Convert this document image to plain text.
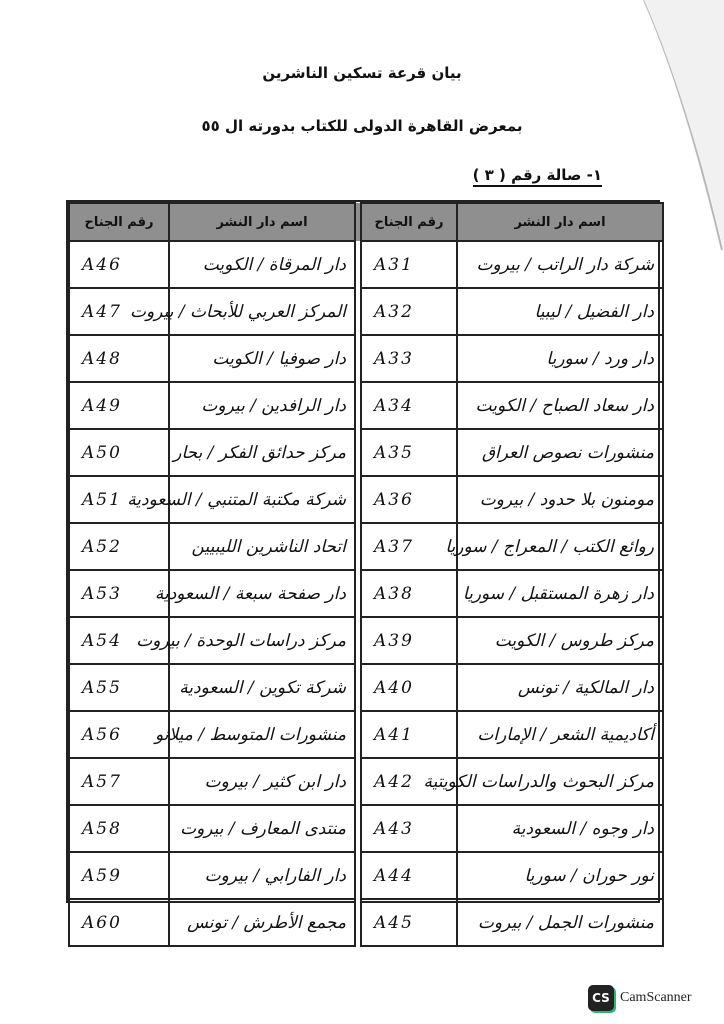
بيان قرعة تسكين الناشرين
بمعرض القاهرة الدولى للكتاب بدورته ال ٥٥
١- صالة رقم ( ٣ )
رقم الجناح	اسم دار النشر		رقم الجناح	اسم دار النشر
A46	دار المرقاة / الكويت		A31	شركة دار الراتب / بيروت
A47	المركز العربي للأبحاث / بيروت		A32	دار الفضيل / ليبيا
A48	دار صوفيا / الكويت		A33	دار ورد / سوريا
A49	دار الرافدين / بيروت		A34	دار سعاد الصباح / الكويت
A50	مركز حدائق الفكر / بحار		A35	منشورات نصوص العراق
A51	شركة مكتبة المتنبي / السعودية		A36	مومنون بلا حدود / بيروت
A52	اتحاد الناشرين الليبيين		A37	روائع الكتب / المعراج / سوريا
A53	دار صفحة سبعة / السعودية		A38	دار زهرة المستقبل / سوريا
A54	مركز دراسات الوحدة / بيروت		A39	مركز طروس / الكويت
A55	شركة تكوين / السعودية		A40	دار المالكية / تونس
A56	منشورات المتوسط / ميلانو		A41	أكاديمية الشعر / الإمارات
A57	دار ابن كثير / بيروت		A42	مركز البحوث والدراسات الكويتية
A58	منتدى المعارف / بيروت		A43	دار وجوه / السعودية
A59	دار الفارابي / بيروت		A44	نور حوران / سوريا
A60	مجمع الأطرش / تونس		A45	منشورات الجمل / بيروت
CS CamScanner
